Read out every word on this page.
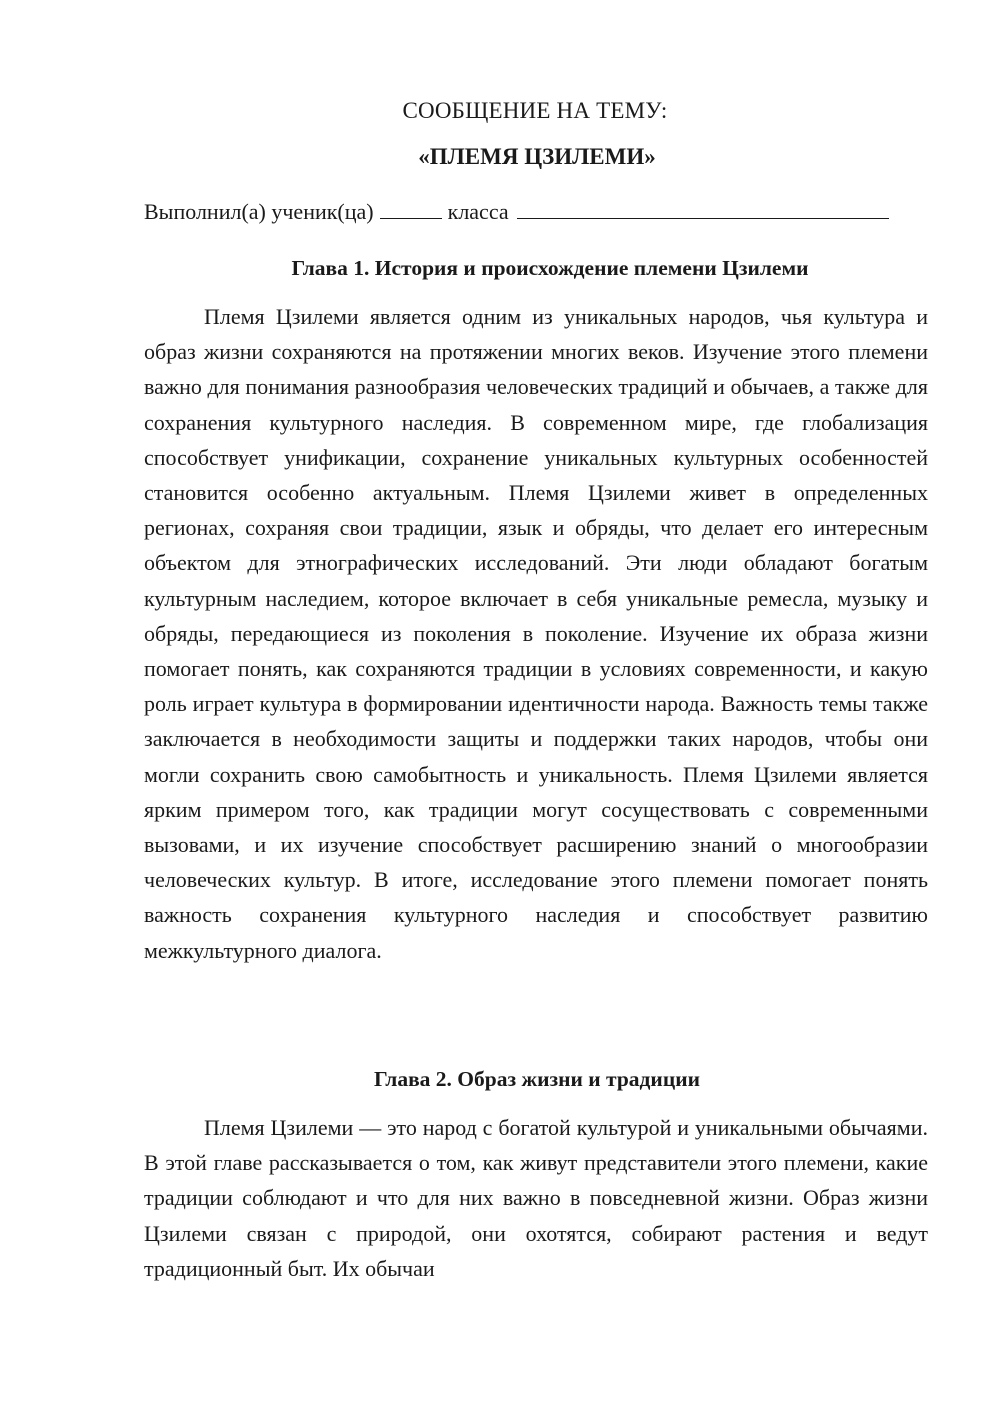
СООБЩЕНИЕ НА ТЕМУ:

«ПЛЕМЯ ЦЗИЛЕМИ»

Выполнил(а) ученик(ца)	класса
Глава 1. История и происхождение племени Цзилеми

Племя Цзилеми является одним из уникальных народов, чья культура и образ жизни сохраняются на протяжении многих веков. Изучение этого племени важно для понимания разнообразия человеческих традиций и обычаев, а также для сохранения культурного наследия. В современном мире, где глобализация способствует унификации, сохранение уникальных культурных особенностей становится особенно актуальным. Племя Цзилеми живет в определенных регионах, сохраняя свои традиции, язык и обряды, что делает его интересным объектом для этнографических исследований. Эти люди обладают богатым культурным наследием, которое включает в себя уникальные ремесла, музыку и обряды, передающиеся из поколения в поколение. Изучение их образа жизни помогает понять, как сохраняются традиции в условиях современности, и какую роль играет культура в формировании идентичности народа. Важность темы также заключается в необходимости защиты и поддержки таких народов, чтобы они могли сохранить свою самобытность и уникальность. Племя Цзилеми является ярким примером того, как традиции могут сосуществовать с современными вызовами, и их изучение способствует расширению знаний о многообразии человеческих культур. В итоге, исследование этого племени помогает понять важность сохранения культурного наследия и способствует развитию межкультурного диалога.

Глава 2. Образ жизни и традиции

Племя Цзилеми — это народ с богатой культурой и уникальными обычаями. В этой главе рассказывается о том, как живут представители этого племени, какие традиции соблюдают и что для них важно в повседневной жизни. Образ жизни Цзилеми связан с природой, они охотятся, собирают растения и ведут традиционный быт. Их обычаи
